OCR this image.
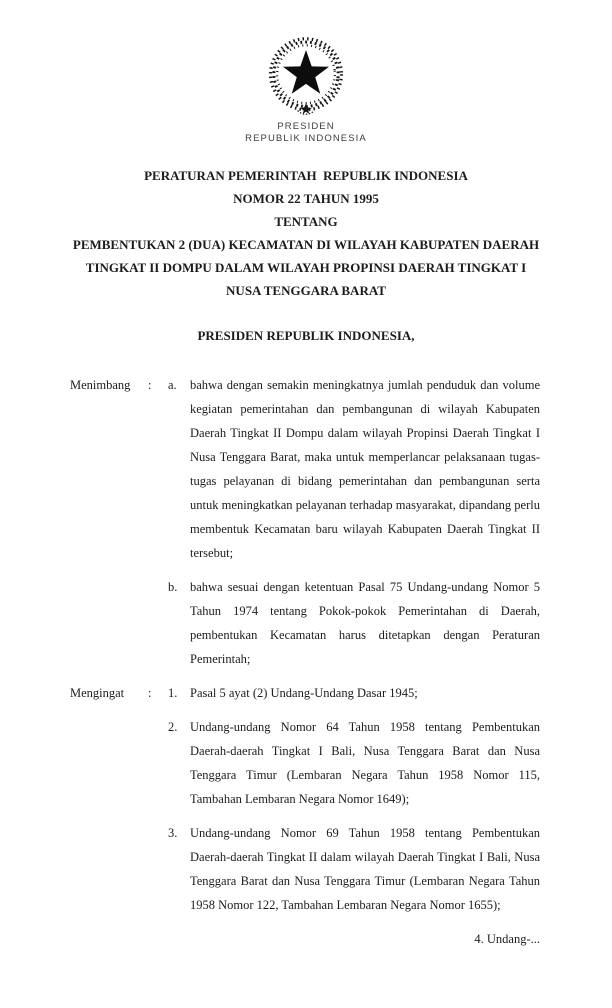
PRESIDEN
REPUBLIK INDONESIA
PERATURAN PEMERINTAH  REPUBLIK INDONESIA
NOMOR 22 TAHUN 1995
TENTANG
PEMBENTUKAN 2 (DUA) KECAMATAN DI WILAYAH KABUPATEN DAERAH TINGKAT II DOMPU DALAM WILAYAH PROPINSI DAERAH TINGKAT I NUSA TENGGARA BARAT
PRESIDEN REPUBLIK INDONESIA,
Menimbang	:	a.	bahwa dengan semakin meningkatnya jumlah penduduk dan volume kegiatan pemerintahan dan pembangunan di wilayah Kabupaten Daerah Tingkat II Dompu dalam wilayah Propinsi Daerah Tingkat I Nusa Tenggara Barat, maka untuk memperlancar pelaksanaan tugas-tugas pelayanan di bidang pemerintahan dan pembangunan serta untuk meningkatkan pelayanan terhadap masyarakat, dipandang perlu membentuk Kecamatan baru wilayah Kabupaten Daerah Tingkat II tersebut;
b.	bahwa sesuai dengan ketentuan Pasal 75 Undang-undang Nomor 5 Tahun 1974 tentang Pokok-pokok Pemerintahan di Daerah, pembentukan Kecamatan harus ditetapkan dengan Peraturan Pemerintah;
Mengingat	:	1.	Pasal 5 ayat (2) Undang-Undang Dasar 1945;
2.	Undang-undang Nomor 64 Tahun 1958 tentang Pembentukan Daerah-daerah Tingkat I Bali, Nusa Tenggara Barat dan Nusa Tenggara Timur (Lembaran Negara Tahun 1958 Nomor 115, Tambahan Lembaran Negara Nomor 1649);
3.	Undang-undang Nomor 69 Tahun 1958 tentang Pembentukan Daerah-daerah Tingkat II dalam wilayah Daerah Tingkat I Bali, Nusa Tenggara Barat dan Nusa Tenggara Timur (Lembaran Negara Tahun 1958 Nomor 122, Tambahan Lembaran Negara Nomor 1655);
4. Undang-...
